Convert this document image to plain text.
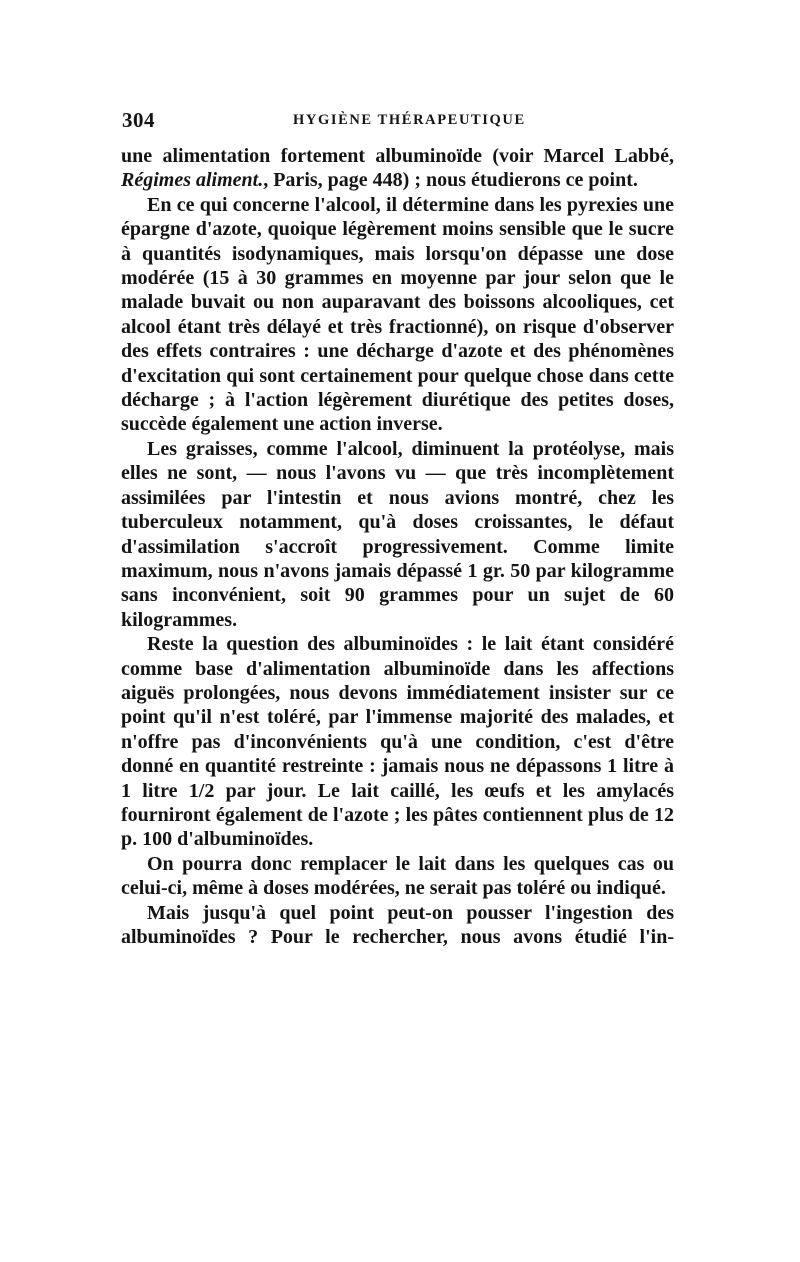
304	HYGIÈNE THÉRAPEUTIQUE

une alimentation fortement albuminoïde (voir Marcel Labbé, Régimes aliment., Paris, page 448) ; nous étudierons ce point.

En ce qui concerne l'alcool, il détermine dans les pyrexies une épargne d'azote, quoique légèrement moins sensible que le sucre à quantités isodynamiques, mais lorsqu'on dépasse une dose modérée (15 à 30 grammes en moyenne par jour selon que le malade buvait ou non auparavant des boissons alcooliques, cet alcool étant très délayé et très fractionné), on risque d'observer des effets contraires : une décharge d'azote et des phénomènes d'excitation qui sont certainement pour quelque chose dans cette décharge ; à l'action légèrement diurétique des petites doses, succède également une action inverse.

Les graisses, comme l'alcool, diminuent la protéolyse, mais elles ne sont, — nous l'avons vu — que très incomplètement assimilées par l'intestin et nous avions montré, chez les tuberculeux notamment, qu'à doses croissantes, le défaut d'assimilation s'accroît progressivement. Comme limite maximum, nous n'avons jamais dépassé 1 gr. 50 par kilogramme sans inconvénient, soit 90 grammes pour un sujet de 60 kilogrammes.

Reste la question des albuminoïdes : le lait étant considéré comme base d'alimentation albuminoïde dans les affections aiguës prolongées, nous devons immédiatement insister sur ce point qu'il n'est toléré, par l'immense majorité des malades, et n'offre pas d'inconvénients qu'à une condition, c'est d'être donné en quantité restreinte : jamais nous ne dépassons 1 litre à 1 litre 1/2 par jour. Le lait caillé, les œufs et les amylacés fourniront également de l'azote ; les pâtes contiennent plus de 12 p. 100 d'albuminoïdes.

On pourra donc remplacer le lait dans les quelques cas ou celui-ci, même à doses modérées, ne serait pas toléré ou indiqué.

Mais jusqu'à quel point peut-on pousser l'ingestion des albuminoïdes ? Pour le rechercher, nous avons étudié l'in-
